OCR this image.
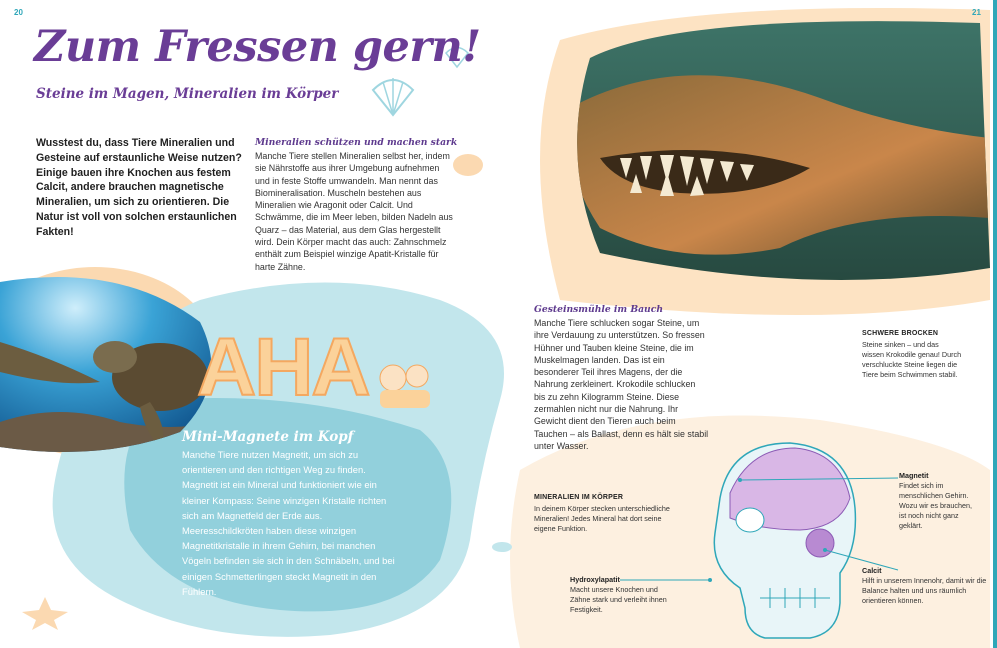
AHA
20	21
Zum Fressen gern!
Steine im Magen, Mineralien im Körper
Wusstest du, dass Tiere Mineralien und Gesteine auf erstaunliche Weise nutzen? Einige bauen ihre Knochen aus festem Calcit, andere brauchen magnetische Mineralien, um sich zu orientieren. Die Natur ist voll von solchen erstaunlichen Fakten!
Mineralien schützen und machen stark
Manche Tiere stellen Mineralien selbst her, indem sie Nährstoffe aus ihrer Umgebung aufnehmen und in feste Stoffe umwandeln. Man nennt das Biomineralisation. Muscheln bestehen aus Mineralien wie Aragonit oder Calcit. Und Schwämme, die im Meer leben, bilden Nadeln aus Quarz – das Material, aus dem Glas hergestellt wird. Dein Körper macht das auch: Zahnschmelz enthält zum Beispiel winzige Apatit-Kristalle für harte Zähne.
Mini-Magnete im Kopf
Manche Tiere nutzen Magnetit, um sich zu orientieren und den richtigen Weg zu finden. Magnetit ist ein Mineral und funktioniert wie ein kleiner Kompass: Seine winzigen Kristalle richten sich am Magnetfeld der Erde aus. Meeresschildkröten haben diese winzigen Magnetitkristalle in ihrem Gehirn, bei manchen Vögeln befinden sie sich in den Schnäbeln, und bei einigen Schmetterlingen steckt Magnetit in den Fühlern.
Gesteinsmühle im Bauch
Manche Tiere schlucken sogar Steine, um ihre Verdauung zu unterstützen. So fressen Hühner und Tauben kleine Steine, die im Muskelmagen landen. Das ist ein besonderer Teil ihres Magens, der die Nahrung zerkleinert. Krokodile schlucken bis zu zehn Kilogramm Steine. Diese zermahlen nicht nur die Nahrung. Ihr Gewicht dient den Tieren auch beim Tauchen – als Ballast, denn es hält sie stabil unter Wasser.
SCHWERE BROCKEN
Steine sinken – und das wissen Krokodile genau! Durch verschluckte Steine liegen die Tiere beim Schwimmen stabil.
MINERALIEN IM KÖRPER
In deinem Körper stecken unterschiedliche Mineralien! Jedes Mineral hat dort seine eigene Funktion.
Hydroxylapatit
Macht unsere Knochen und Zähne stark und verleiht ihnen Festigkeit.
Magnetit
Findet sich im menschlichen Gehirn. Wozu wir es brauchen, ist noch nicht ganz geklärt.
Calcit
Hilft in unserem Innenohr, damit wir die Balance halten und uns räumlich orientieren können.
